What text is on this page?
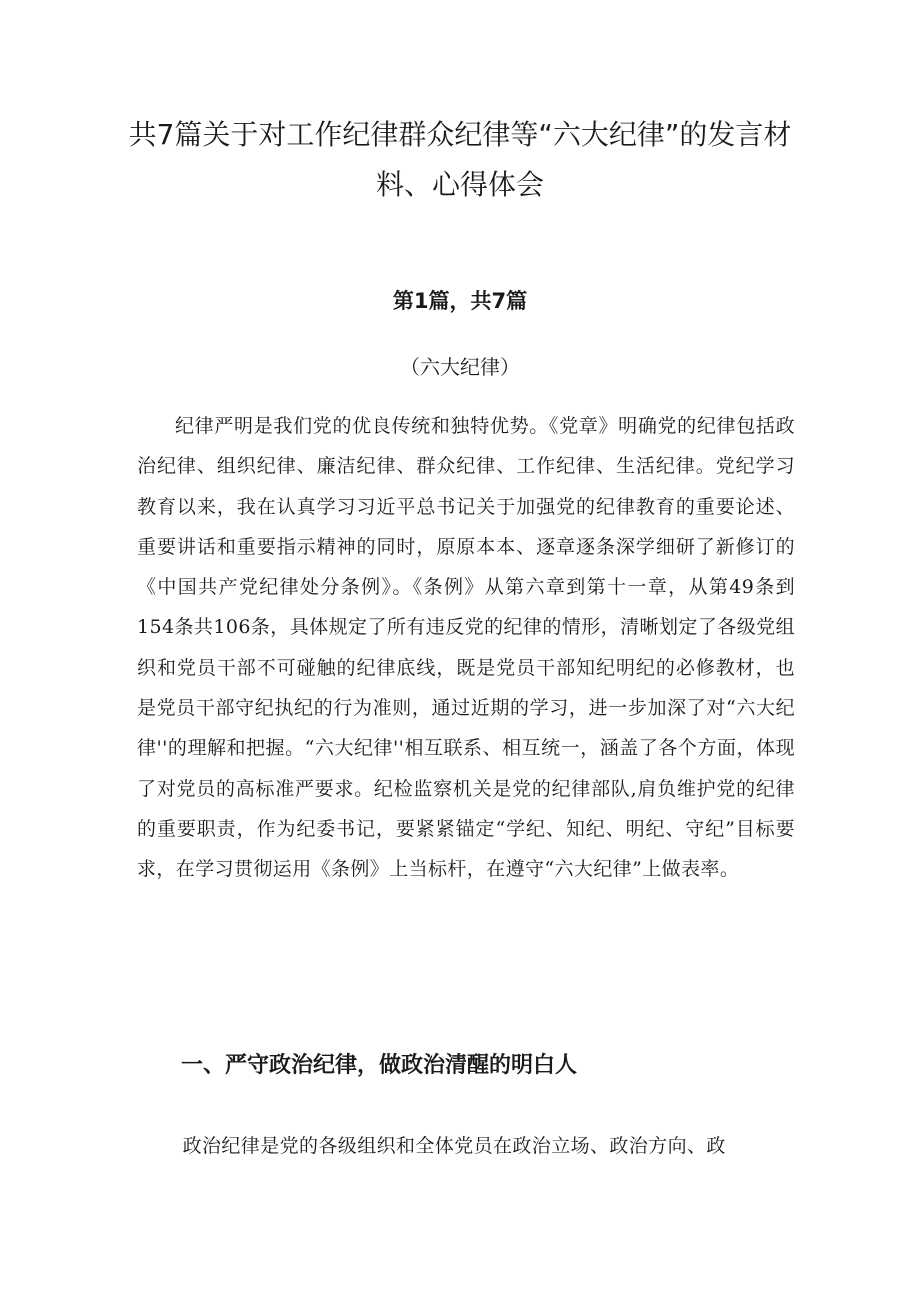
共7篇关于对工作纪律群众纪律等“六大纪律”的发言材料、心得体会
第1篇，共7篇

（六大纪律）

纪律严明是我们党的优良传统和独特优势。《党章》明确党的纪律包括政治纪律、组织纪律、廉洁纪律、群众纪律、工作纪律、生活纪律。党纪学习教育以来，我在认真学习习近平总书记关于加强党的纪律教育的重要论述、重要讲话和重要指示精神的同时，原原本本、逐章逐条深学细研了新修订的《中国共产党纪律处分条例》。《条例》从第六章到第十一章，从第49条到154条共106条，具体规定了所有违反党的纪律的情形，清晰划定了各级党组织和党员干部不可碰触的纪律底线，既是党员干部知纪明纪的必修教材，也是党员干部守纪执纪的行为准则，通过近期的学习，进一步加深了对“六大纪律''的理解和把握。“六大纪律''相互联系、相互统一，涵盖了各个方面，体现了对党员的高标准严要求。纪检监察机关是党的纪律部队,肩负维护党的纪律的重要职责，作为纪委书记，要紧紧锚定“学纪、知纪、明纪、守纪”目标要求，在学习贯彻运用《条例》上当标杆，在遵守“六大纪律”上做表率。

一、严守政治纪律，做政治清醒的明白人

政治纪律是党的各级组织和全体党员在政治立场、政治方向、政
